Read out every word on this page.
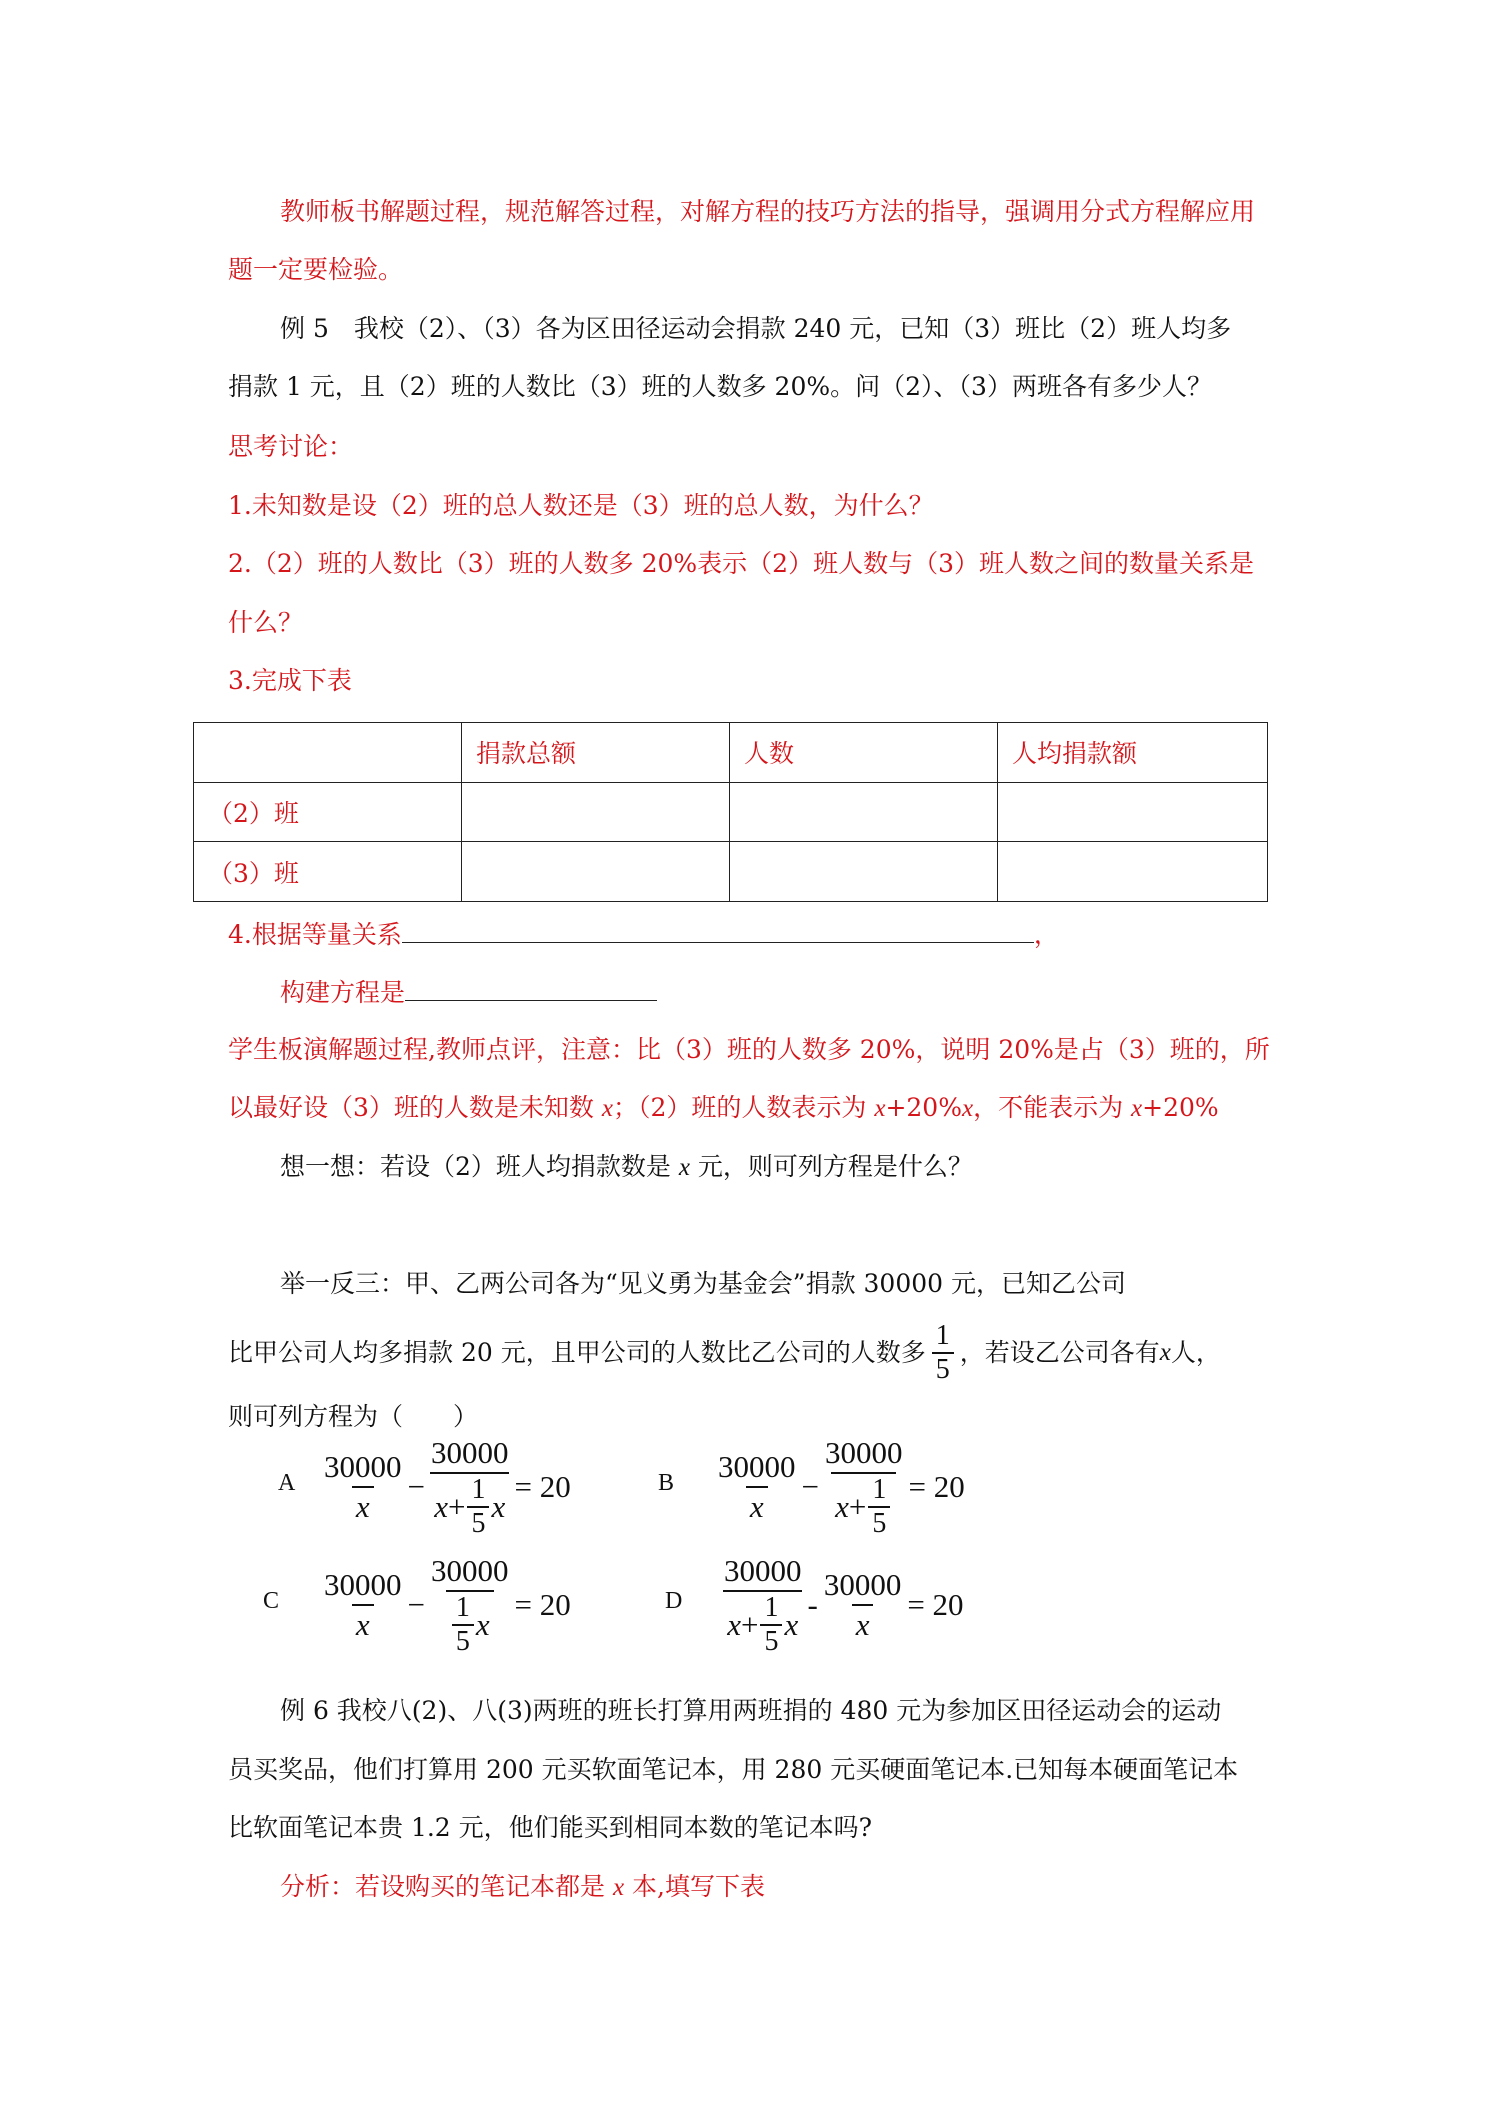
教师板书解题过程，规范解答过程，对解方程的技巧方法的指导，强调用分式方程解应用
题一定要检验。
例 5　我校（2）、（3）各为区田径运动会捐款 240 元，已知（3）班比（2）班人均多
捐款 1 元，且（2）班的人数比（3）班的人数多 20%。问（2）、（3）两班各有多少人？
思考讨论：
1.未知数是设（2）班的总人数还是（3）班的总人数，为什么？
2.（2）班的人数比（3）班的人数多 20%表示（2）班人数与（3）班人数之间的数量关系是
什么？
3.完成下表
	捐款总额	人数	人均捐款额
（2）班			
（3）班			
4.根据等量关系	，
构建方程是
学生板演解题过程,教师点评，注意：比（3）班的人数多 20%，说明 20%是占（3）班的，所
以最好设（3）班的人数是未知数 x；（2）班的人数表示为 x+20%x，不能表示为 x+20%
想一想：若设（2）班人均捐款数是 x 元，则可列方程是什么？
举一反三：甲、乙两公司各为“见义勇为基金会”捐款 30000 元，已知乙公司
比甲公司人均多捐款 20 元，且甲公司的人数比乙公司的人数多 $\frac{1}{5}$ ，若设乙公司各有 x 人，
则可列方程为（　　）
A $\frac{30000}{x} - \frac{30000}{x + \frac{1}{5} x} = 20$	B $\frac{30000}{x} - \frac{30000}{x + \frac{1}{5}} = 20$
C $\frac{30000}{x} - \frac{30000}{\frac{1}{5} x} = 20$	D $\frac{30000}{x + \frac{1}{5} x} - \frac{30000}{x} = 20$
例 6 我校八(2)、八(3)两班的班长打算用两班捐的 480 元为参加区田径运动会的运动
员买奖品，他们打算用 200 元买软面笔记本，用 280 元买硬面笔记本.已知每本硬面笔记本
比软面笔记本贵 1.2 元，他们能买到相同本数的笔记本吗?
分析：若设购买的笔记本都是 x 本,填写下表
